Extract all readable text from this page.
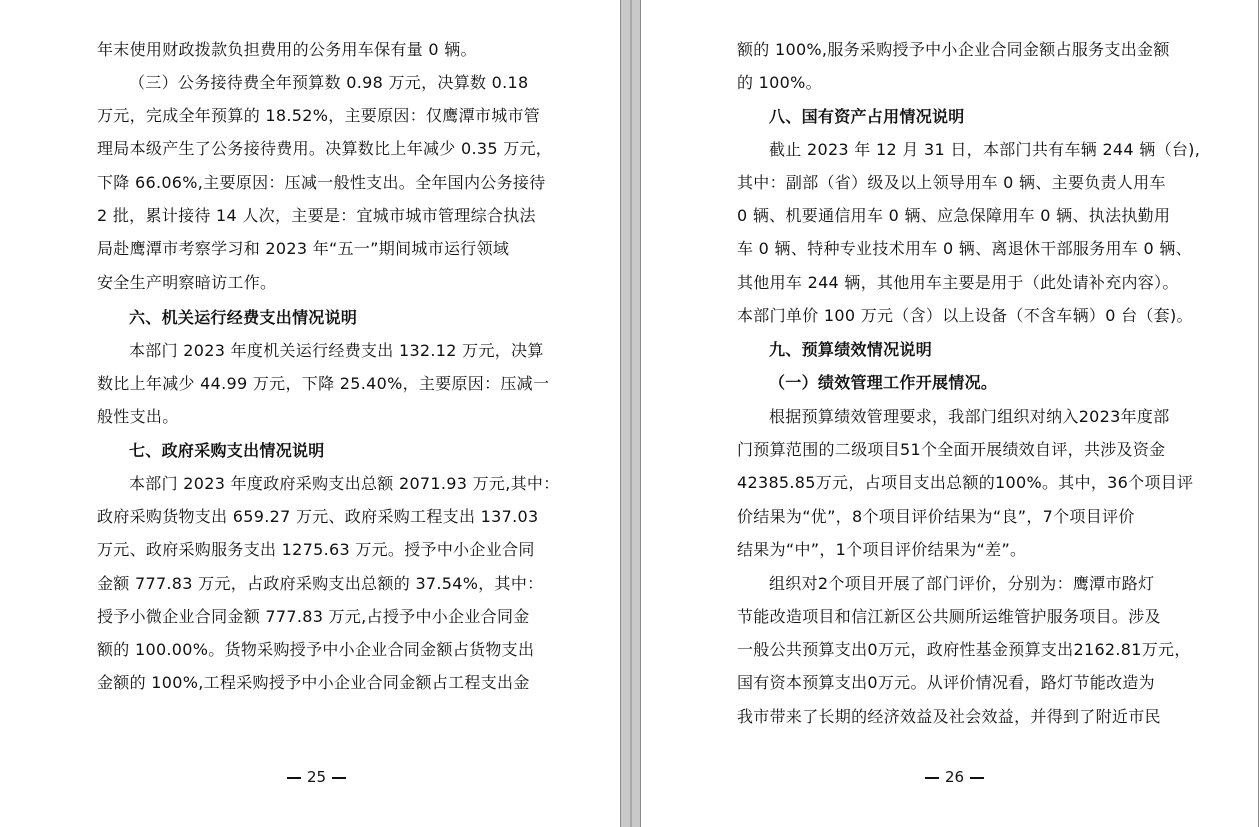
年末使用财政拨款负担费用的公务用车保有量 0 辆。
（三）公务接待费全年预算数 0.98 万元，决算数 0.18
万元，完成全年预算的 18.52%，主要原因：仅鹰潭市城市管
理局本级产生了公务接待费用。决算数比上年减少 0.35 万元，
下降 66.06%,主要原因：压减一般性支出。全年国内公务接待
2 批，累计接待 14 人次，主要是：宜城市城市管理综合执法
局赴鹰潭市考察学习和 2023 年“五一”期间城市运行领域
安全生产明察暗访工作。
六、机关运行经费支出情况说明
本部门 2023 年度机关运行经费支出 132.12 万元，决算
数比上年减少 44.99 万元，下降 25.40%，主要原因：压减一
般性支出。
七、政府采购支出情况说明
本部门 2023 年度政府采购支出总额 2071.93 万元,其中：
政府采购货物支出 659.27 万元、政府采购工程支出 137.03
万元、政府采购服务支出 1275.63 万元。授予中小企业合同
金额 777.83 万元，占政府采购支出总额的 37.54%，其中：
授予小微企业合同金额 777.83 万元,占授予中小企业合同金
额的 100.00%。货物采购授予中小企业合同金额占货物支出
金额的 100%,工程采购授予中小企业合同金额占工程支出金
25
额的 100%,服务采购授予中小企业合同金额占服务支出金额
的 100%。
八、国有资产占用情况说明
截止 2023 年 12 月 31 日，本部门共有车辆 244 辆（台),
其中：副部（省）级及以上领导用车 0 辆、主要负责人用车
0 辆、机要通信用车 0 辆、应急保障用车 0 辆、执法执勤用
车 0 辆、特种专业技术用车 0 辆、离退休干部服务用车 0 辆、
其他用车 244 辆，其他用车主要是用于（此处请补充内容）。
本部门单价 100 万元（含）以上设备（不含车辆）0 台（套)。
九、预算绩效情况说明
（一）绩效管理工作开展情况。
根据预算绩效管理要求，我部门组织对纳入2023年度部
门预算范围的二级项目51个全面开展绩效自评，共涉及资金
42385.85万元，占项目支出总额的100%。其中，36个项目评
价结果为“优”，8个项目评价结果为“良”，7个项目评价
结果为“中”，1个项目评价结果为“差”。
组织对2个项目开展了部门评价，分别为：鹰潭市路灯
节能改造项目和信江新区公共厕所运维管护服务项目。涉及
一般公共预算支出0万元，政府性基金预算支出2162.81万元，
国有资本预算支出0万元。从评价情况看，路灯节能改造为
我市带来了长期的经济效益及社会效益，并得到了附近市民
26
